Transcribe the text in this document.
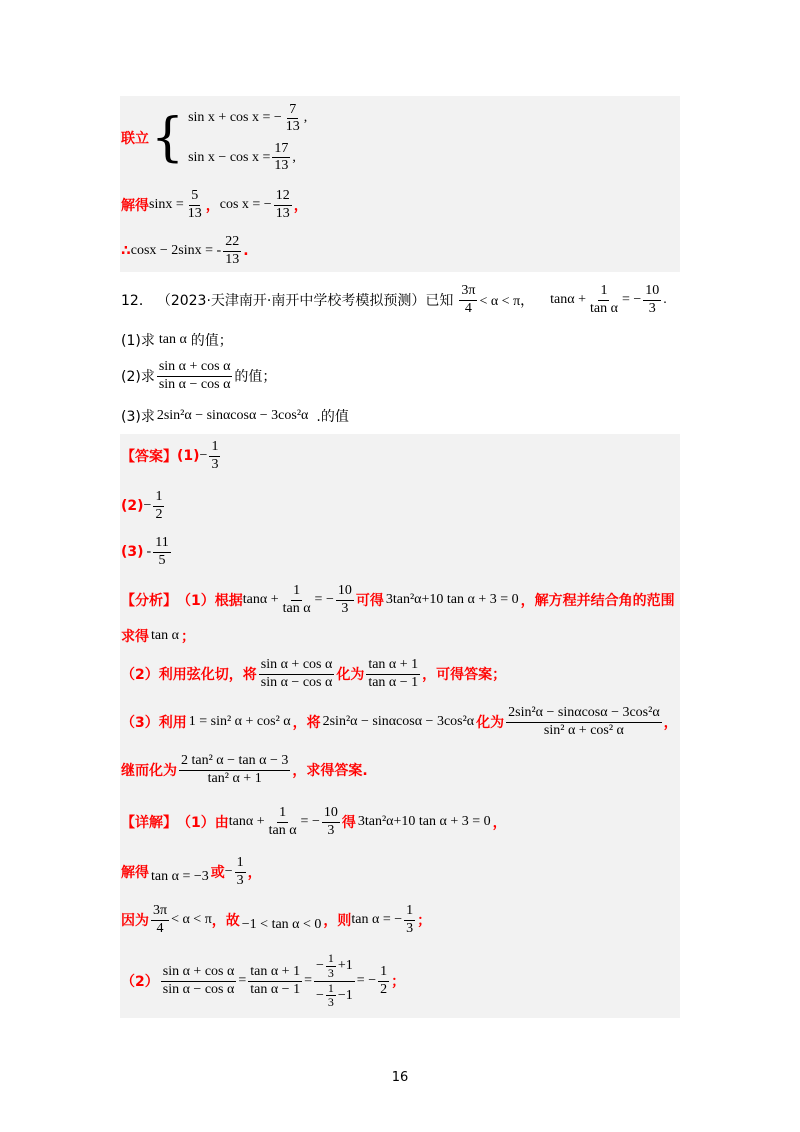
联立 { sin x + cos x = − $\frac{7}{13}$ ,
$\sin x - \cos x = \frac{17}{13}$ ,
解得 $\sin x = \frac{5}{13}$ ， cos x = − $\frac{12}{13}$ ，
∴ cosx − 2sinx = - $\frac{22}{13}$ .
12． （2023·天津南开·南开中学校考模拟预测）已知 $\frac{3\pi}{4} < \alpha < \pi$， $\tan\alpha + \frac{1}{\text{tan α}}$ = − $\frac{10}{3}$ .
(1)求 tan α 的值；
(2)求 $\frac{\text{sin α + cos α}}{\text{sin α − cos α}}$ 的值；
(3)求 2sin²α − sinαcosα − 3cos²α .的值
【答案】 $(1) - \frac{1}{3}$
$(2) - \frac{1}{2}$
$(3) - \frac{11}{5}$
【分析】 （1）根据 $\tan\alpha + \frac{1}{\text{tan α}}$ = − $\frac{10}{3}$ 可得 3tan²α+10 tan α + 3 = 0 ，解方程并结合角的范围
求得 tan α ；
（2）利用弦化切，将 $\frac{\text{sin α + cos α}}{\text{sin α − cos α}}$ 化为 $\frac{\text{tan α + 1}}{\text{tan α − 1}}$ ，可得答案；
（3）利用 1 = sin² α + cos² α ，将 2sin²α − sinαcosα − 3cos²α 化为 $\frac{\text{2sin²α − sinαcosα − 3cos²α}}{\text{sin² α + cos² α}}$ ，
继而化为 $\frac{\text{2 tan² α − tan α − 3}}{\text{tan² α + 1}}$ ，求得答案.
【详解】 （1）由 $\tan\alpha + \frac{1}{\text{tan α}}$ = − $\frac{10}{3}$ 得 3tan²α+10 tan α + 3 = 0 ，
解得 tan α = −3 或 − $\frac{1}{3}$ ，
因为 $\frac{3\pi}{4} < \alpha < \pi$ ，故 −1 < tan α < 0 ，则 tan α = − $\frac{1}{3}$ ；
$(2) \frac{\text{sin α + cos α}}{\text{sin α − cos α}} = \frac{\text{tan α + 1}}{\text{tan α − 1}} = \frac{- \frac{1}{3} +1}{- \frac{1}{3} -1}$ = − $\frac{1}{2}$ ；
16
